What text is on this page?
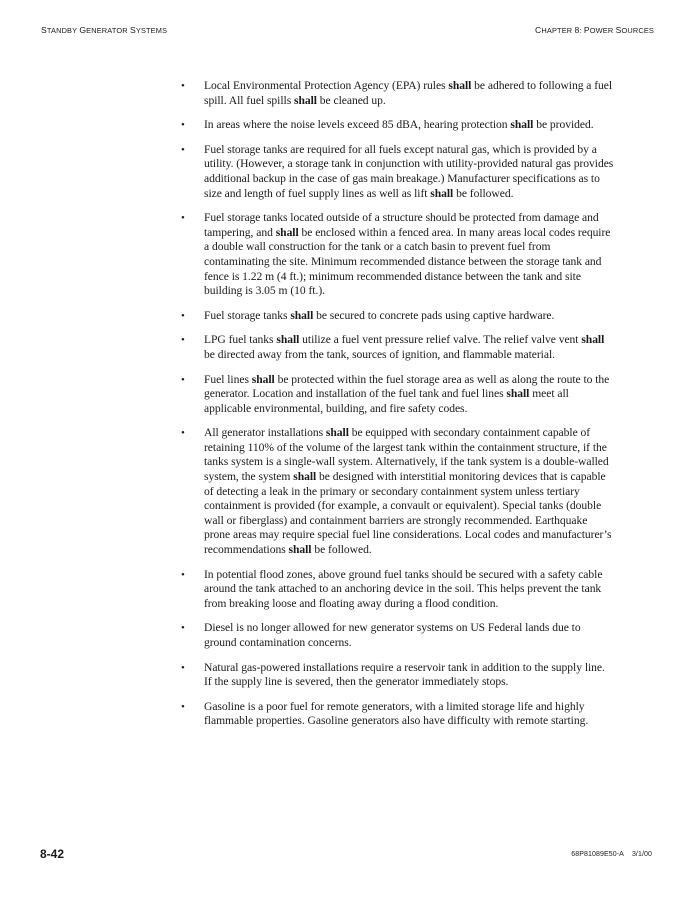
STANDBY GENERATOR SYSTEMS	CHAPTER 8: POWER SOURCES
• Local Environmental Protection Agency (EPA) rules shall be adhered to following a fuel spill. All fuel spills shall be cleaned up.
• In areas where the noise levels exceed 85 dBA, hearing protection shall be provided.
• Fuel storage tanks are required for all fuels except natural gas, which is provided by a utility. (However, a storage tank in conjunction with utility-provided natural gas provides additional backup in the case of gas main breakage.) Manufacturer specifications as to size and length of fuel supply lines as well as lift shall be followed.
• Fuel storage tanks located outside of a structure should be protected from damage and tampering, and shall be enclosed within a fenced area. In many areas local codes require a double wall construction for the tank or a catch basin to prevent fuel from contaminating the site. Minimum recommended distance between the storage tank and fence is 1.22 m (4 ft.); minimum recommended distance between the tank and site building is 3.05 m (10 ft.).
• Fuel storage tanks shall be secured to concrete pads using captive hardware.
• LPG fuel tanks shall utilize a fuel vent pressure relief valve. The relief valve vent shall be directed away from the tank, sources of ignition, and flammable material.
• Fuel lines shall be protected within the fuel storage area as well as along the route to the generator. Location and installation of the fuel tank and fuel lines shall meet all applicable environmental, building, and fire safety codes.
• All generator installations shall be equipped with secondary containment capable of retaining 110% of the volume of the largest tank within the containment structure, if the tanks system is a single-wall system. Alternatively, if the tank system is a double-walled system, the system shall be designed with interstitial monitoring devices that is capable of detecting a leak in the primary or secondary containment system unless tertiary containment is provided (for example, a convault or equivalent). Special tanks (double wall or fiberglass) and containment barriers are strongly recommended. Earthquake prone areas may require special fuel line considerations. Local codes and manufacturer’s recommendations shall be followed.
• In potential flood zones, above ground fuel tanks should be secured with a safety cable around the tank attached to an anchoring device in the soil. This helps prevent the tank from breaking loose and floating away during a flood condition.
• Diesel is no longer allowed for new generator systems on US Federal lands due to ground contamination concerns.
• Natural gas-powered installations require a reservoir tank in addition to the supply line. If the supply line is severed, then the generator immediately stops.
• Gasoline is a poor fuel for remote generators, with a limited storage life and highly flammable properties. Gasoline generators also have difficulty with remote starting.
8-42	68P81089E50-A 3/1/00
